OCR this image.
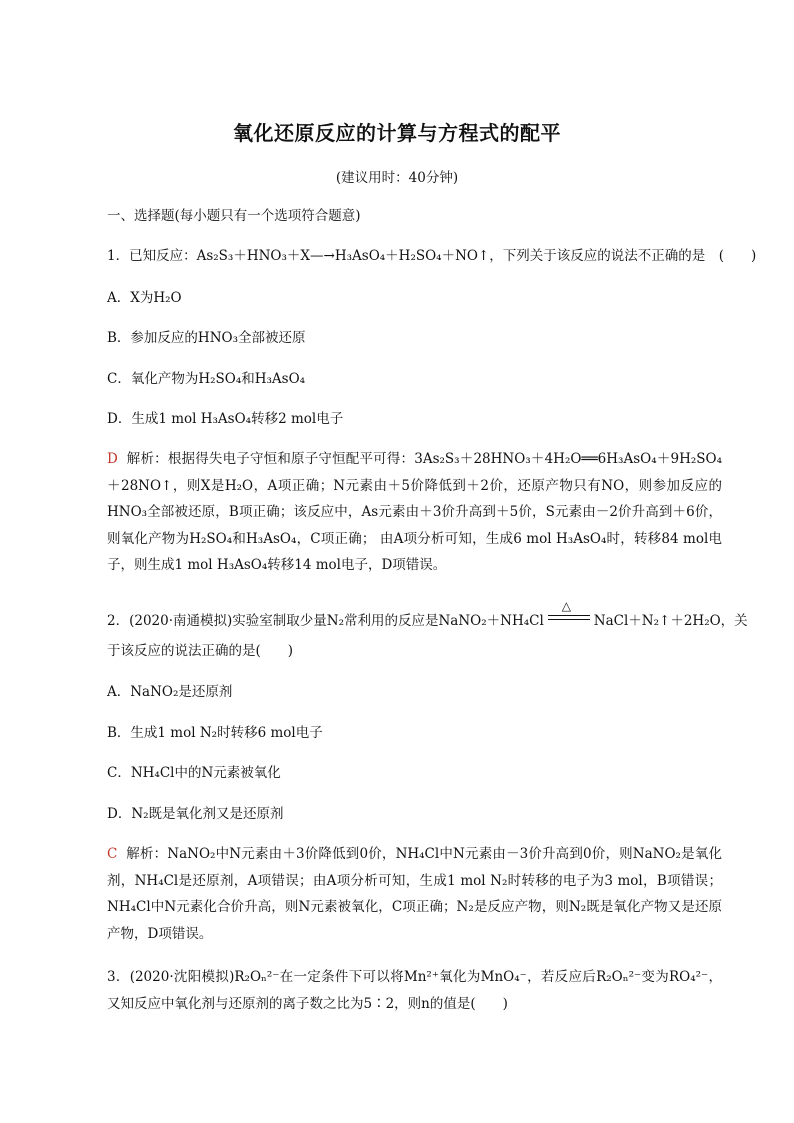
氧化还原反应的计算与方程式的配平
(建议用时：40分钟)
一、选择题(每小题只有一个选项符合题意)
1．已知反应：As₂S₃＋HNO₃＋X—→H₃AsO₄＋H₂SO₄＋NO↑，下列关于该反应的说法不正确的是　(　　)
A．X为H₂O
B．参加反应的HNO₃全部被还原
C．氧化产物为H₂SO₄和H₃AsO₄
D．生成1 mol H₃AsO₄转移2 mol电子
D 解析：根据得失电子守恒和原子守恒配平可得：3As₂S₃＋28HNO₃＋4H₂O══6H₃AsO₄＋9H₂SO₄＋28NO↑，则X是H₂O，A项正确；N元素由＋5价降低到＋2价，还原产物只有NO，则参加反应的HNO₃全部被还原，B项正确；该反应中，As元素由＋3价升高到＋5价，S元素由－2价升高到＋6价，则氧化产物为H₂SO₄和H₃AsO₄，C项正确； 由A项分析可知，生成6 mol H₃AsO₄时，转移84 mol电子，则生成1 mol H₃AsO₄转移14 mol电子，D项错误。
2．(2020·南通模拟)实验室制取少量N₂常利用的反应是NaNO₂＋NH₄Cl
△
NaCl＋N₂↑＋2H₂O，关
于该反应的说法正确的是(　　)
A．NaNO₂是还原剂
B．生成1 mol N₂时转移6 mol电子
C．NH₄Cl中的N元素被氧化
D．N₂既是氧化剂又是还原剂
C 解析：NaNO₂中N元素由＋3价降低到0价，NH₄Cl中N元素由－3价升高到0价，则NaNO₂是氧化剂，NH₄Cl是还原剂，A项错误；由A项分析可知，生成1 mol N₂时转移的电子为3 mol，B项错误；NH₄Cl中N元素化合价升高，则N元素被氧化，C项正确；N₂是反应产物，则N₂既是氧化产物又是还原产物，D项错误。
3．(2020·沈阳模拟)R₂Oₙ²⁻在一定条件下可以将Mn²⁺氧化为MnO₄⁻，若反应后R₂Oₙ²⁻变为RO₄²⁻，又知反应中氧化剂与还原剂的离子数之比为5∶2，则n的值是(　　)
